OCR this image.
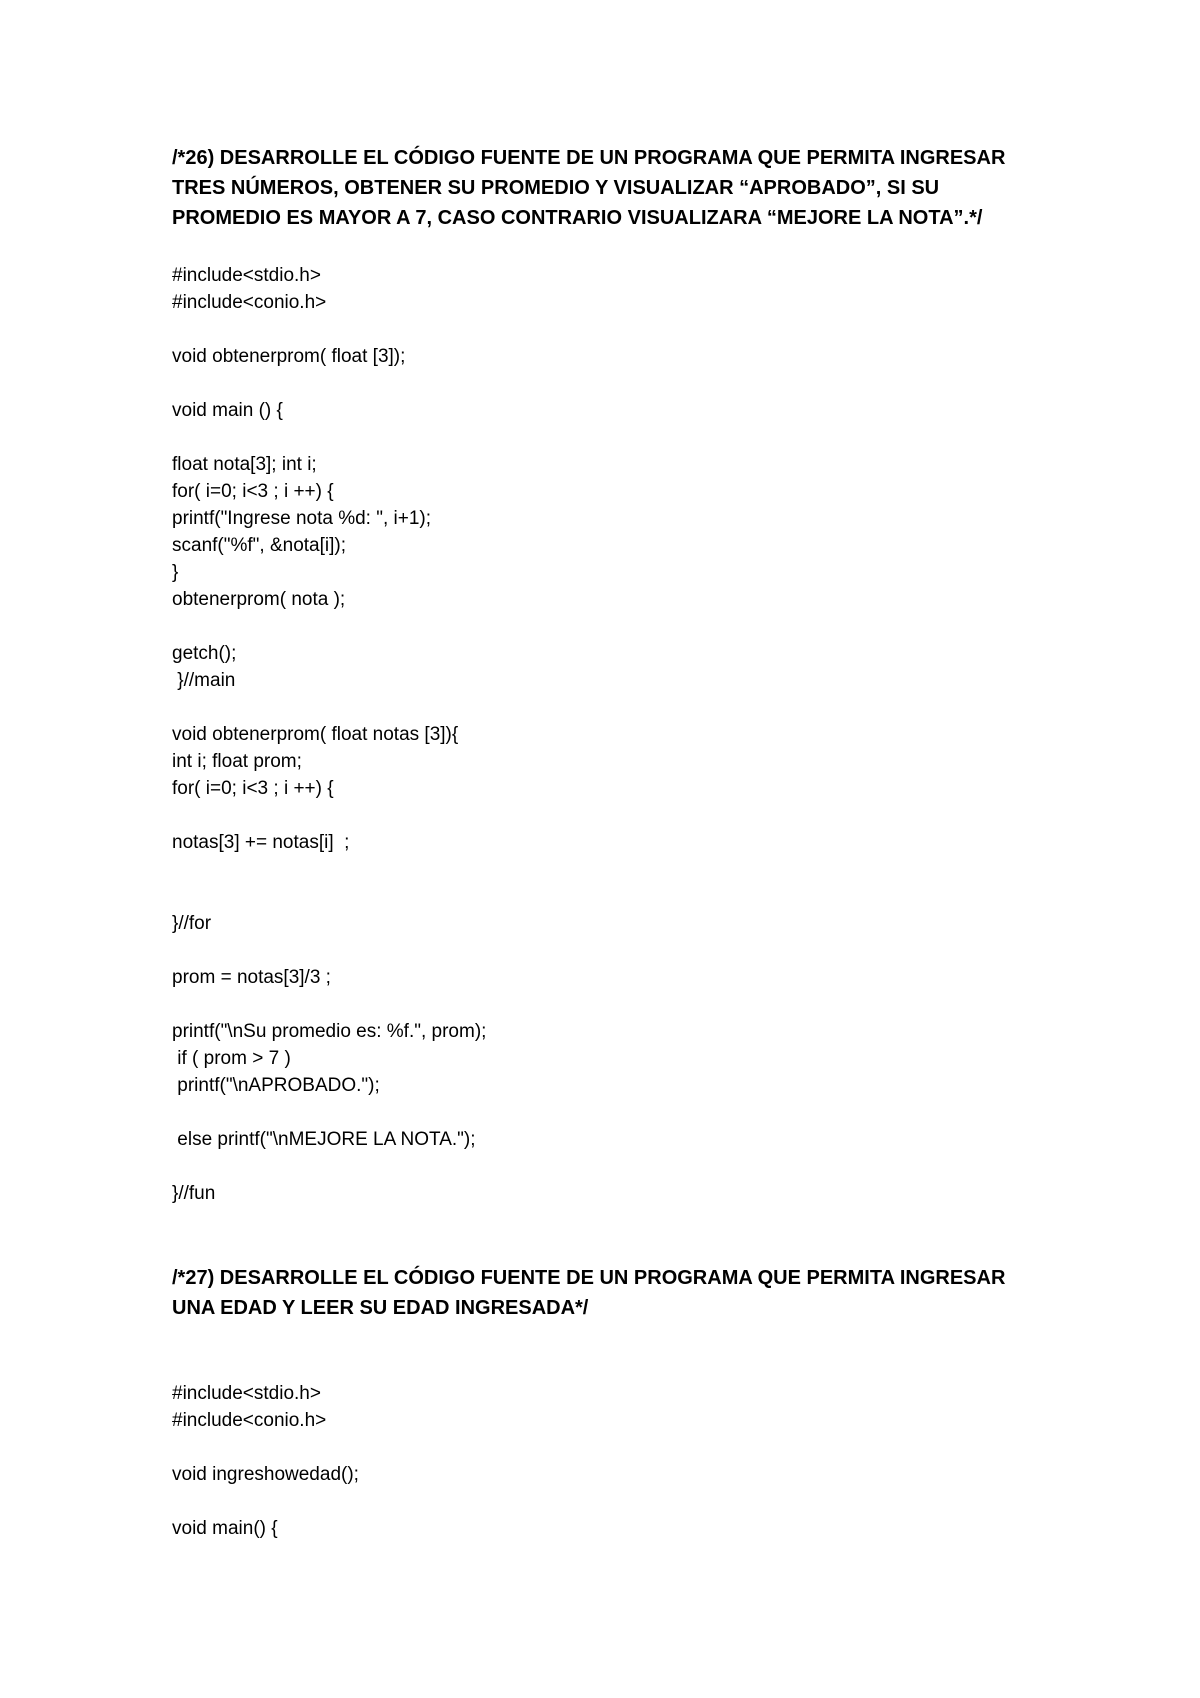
/*26) DESARROLLE EL CÓDIGO FUENTE DE UN PROGRAMA QUE PERMITA INGRESAR

TRES NÚMEROS, OBTENER SU PROMEDIO Y VISUALIZAR “APROBADO”, SI SU

PROMEDIO ES MAYOR A 7, CASO CONTRARIO VISUALIZARA “MEJORE LA NOTA”.*/

#include<stdio.h>

#include<conio.h>

void obtenerprom( float [3]);

void main () {

float nota[3]; int i;

for( i=0; i<3 ; i ++) {

printf("Ingrese nota %d: ", i+1);

scanf("%f", &nota[i]);

}

obtenerprom( nota );

getch();

}//main

void obtenerprom( float notas [3]){

int i; float prom;

for( i=0; i<3 ; i ++) {

notas[3] += notas[i]  ;

}//for

prom = notas[3]/3 ;

printf("\nSu promedio es: %f.", prom);

if ( prom > 7 )

printf("\nAPROBADO.");

else printf("\nMEJORE LA NOTA.");

}//fun

/*27) DESARROLLE EL CÓDIGO FUENTE DE UN PROGRAMA QUE PERMITA INGRESAR

UNA EDAD Y LEER SU EDAD INGRESADA*/

#include<stdio.h>

#include<conio.h>

void ingreshowedad();

void main() {
